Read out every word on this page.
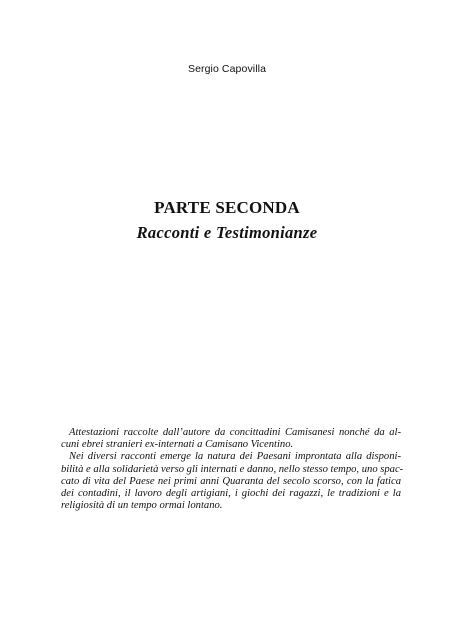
Sergio Capovilla
PARTE SECONDA
Racconti e Testimonianze
Attestazioni raccolte dall’autore da concittadini Camisanesi nonché da al-
cuni ebrei stranieri ex-internati a Camisano Vicentino.
Nei diversi racconti emerge la natura dei Paesani improntata alla disponi-
bilità e alla solidarietà verso gli internati e danno, nello stesso tempo, uno spac-
cato di vita del Paese nei primi anni Quaranta del secolo scorso, con la fatica
dei contadini, il lavoro degli artigiani, i giochi dei ragazzi, le tradizioni e la
religiosità di un tempo ormai lontano.
